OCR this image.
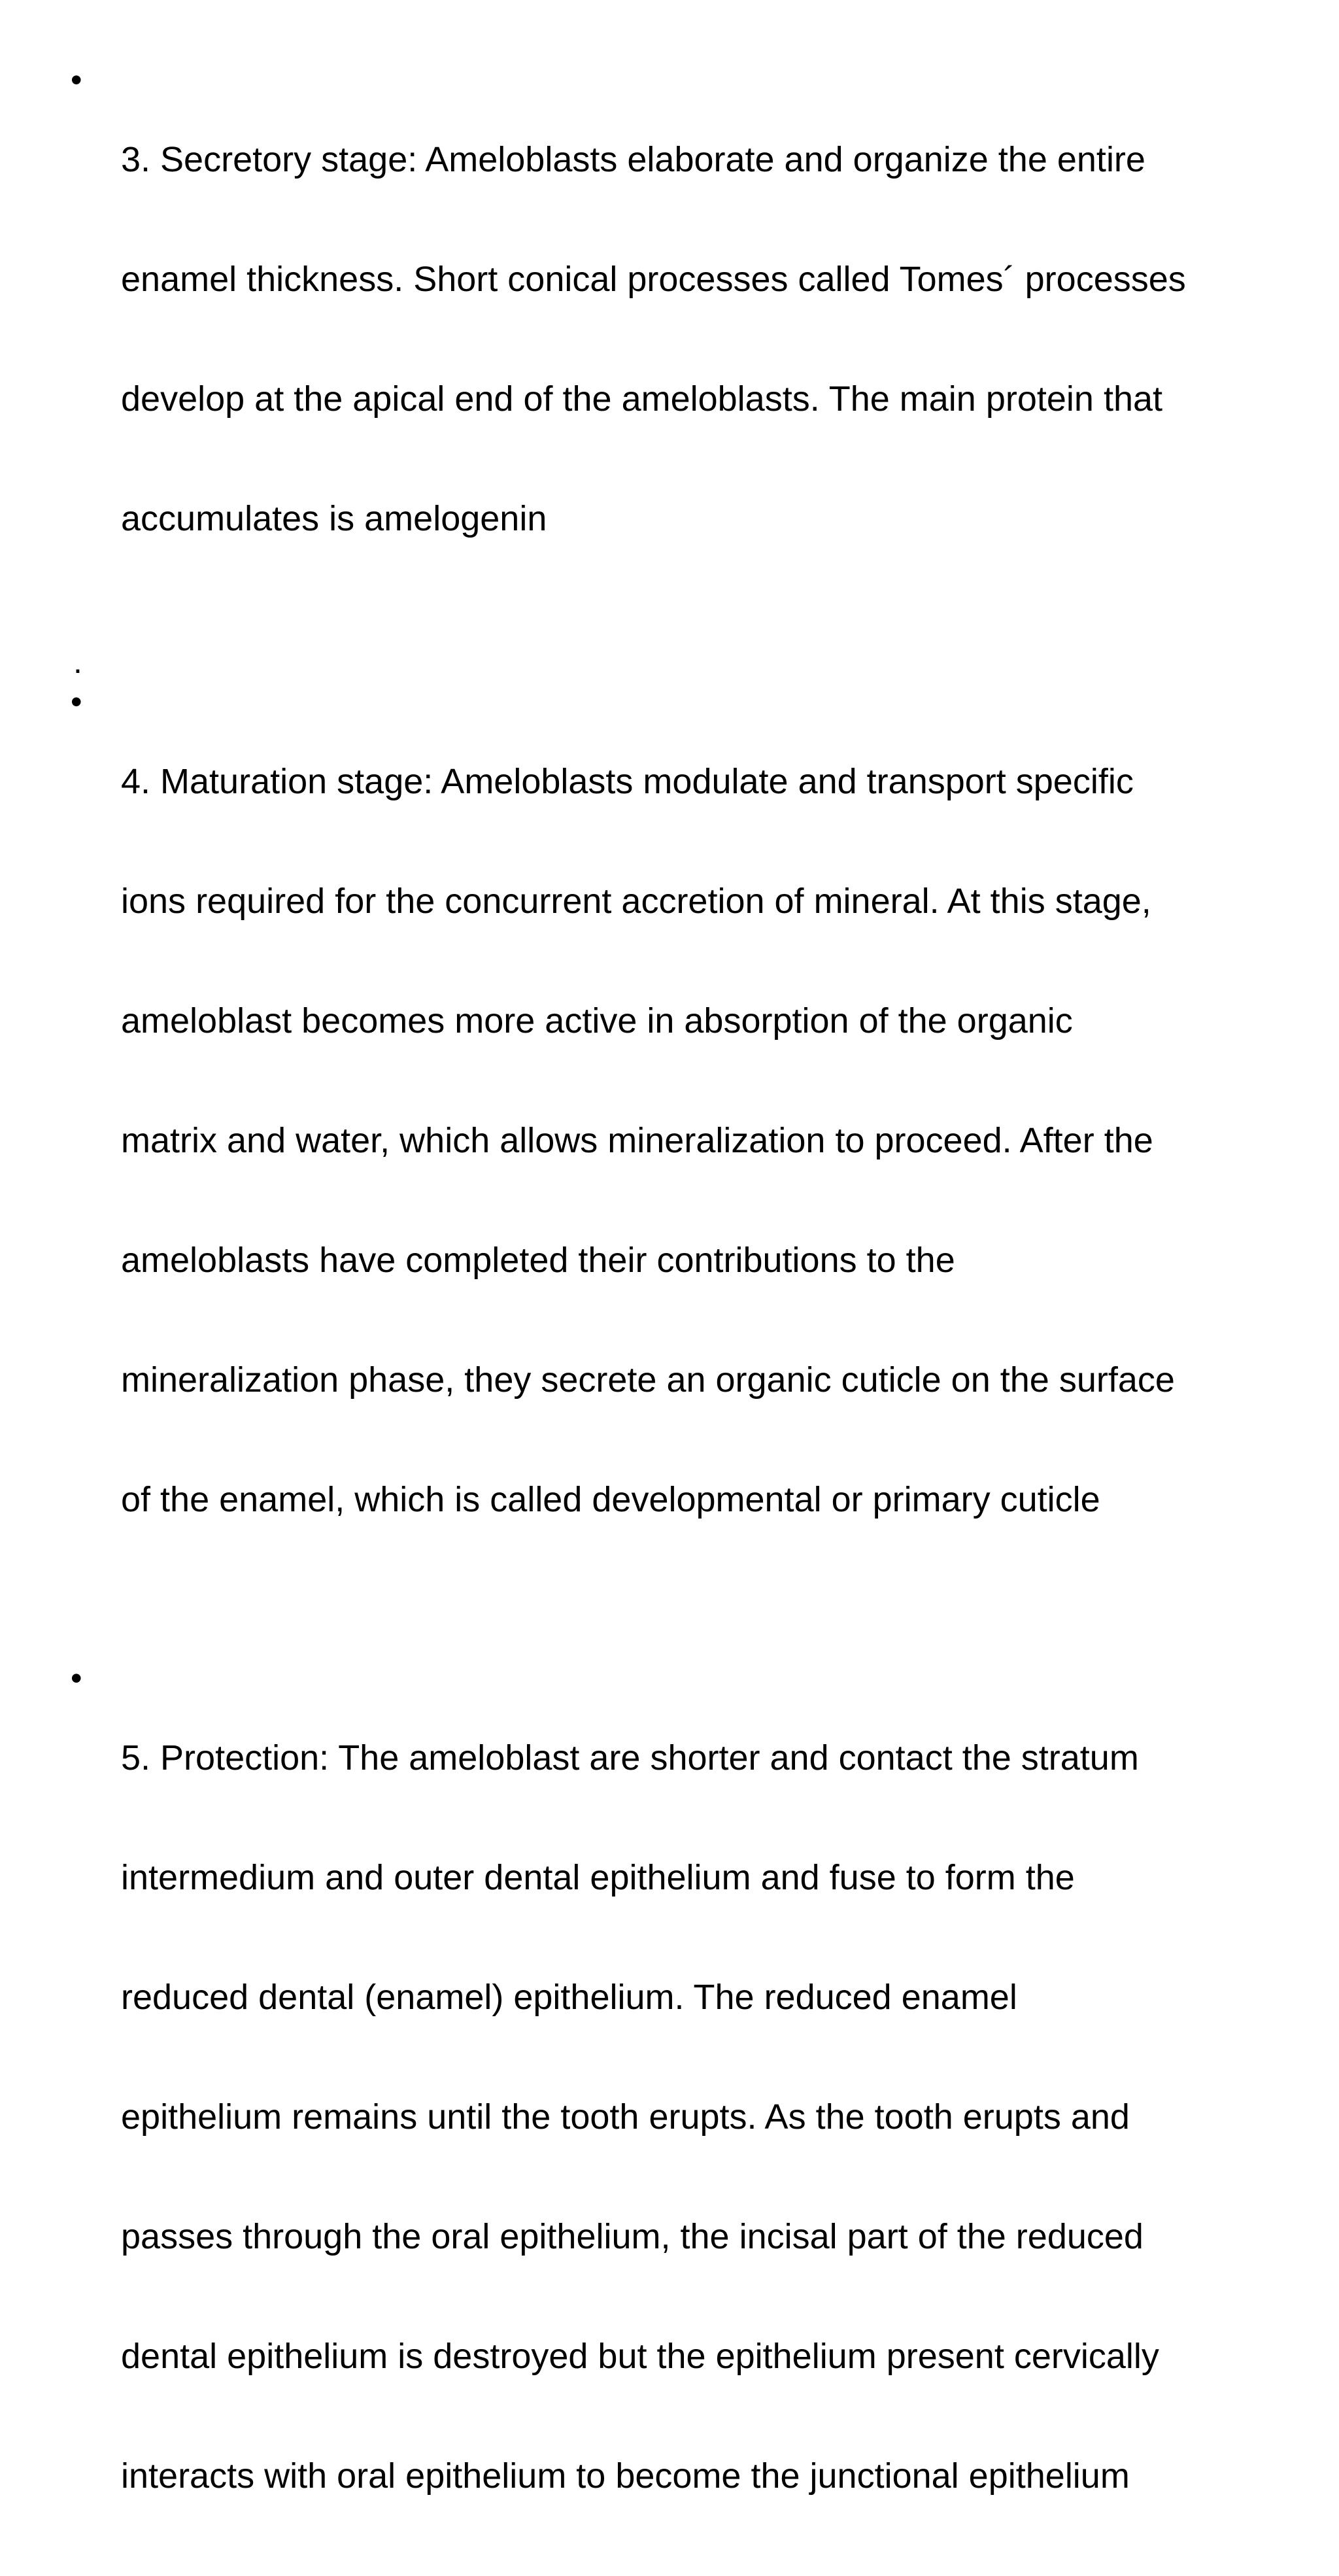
•

3. Secretory stage: Ameloblasts elaborate and organize the entire

enamel thickness. Short conical processes called Tomes´ processes

develop at the apical end of the ameloblasts. The main protein that

accumulates is amelogenin

.
•

4. Maturation stage: Ameloblasts modulate and transport specific

ions required for the concurrent accretion of mineral. At this stage,

ameloblast becomes more active in absorption of the organic

matrix and water, which allows mineralization to proceed. After the

ameloblasts have completed their contributions to the

mineralization phase, they secrete an organic cuticle on the surface

of the enamel, which is called developmental or primary cuticle

•

5. Protection: The ameloblast are shorter and contact the stratum

intermedium and outer dental epithelium and fuse to form the

reduced dental (enamel) epithelium. The reduced enamel

epithelium remains until the tooth erupts. As the tooth erupts and

passes through the oral epithelium, the incisal part of the reduced

dental epithelium is destroyed but the epithelium present cervically

interacts with oral epithelium to become the junctional epithelium
